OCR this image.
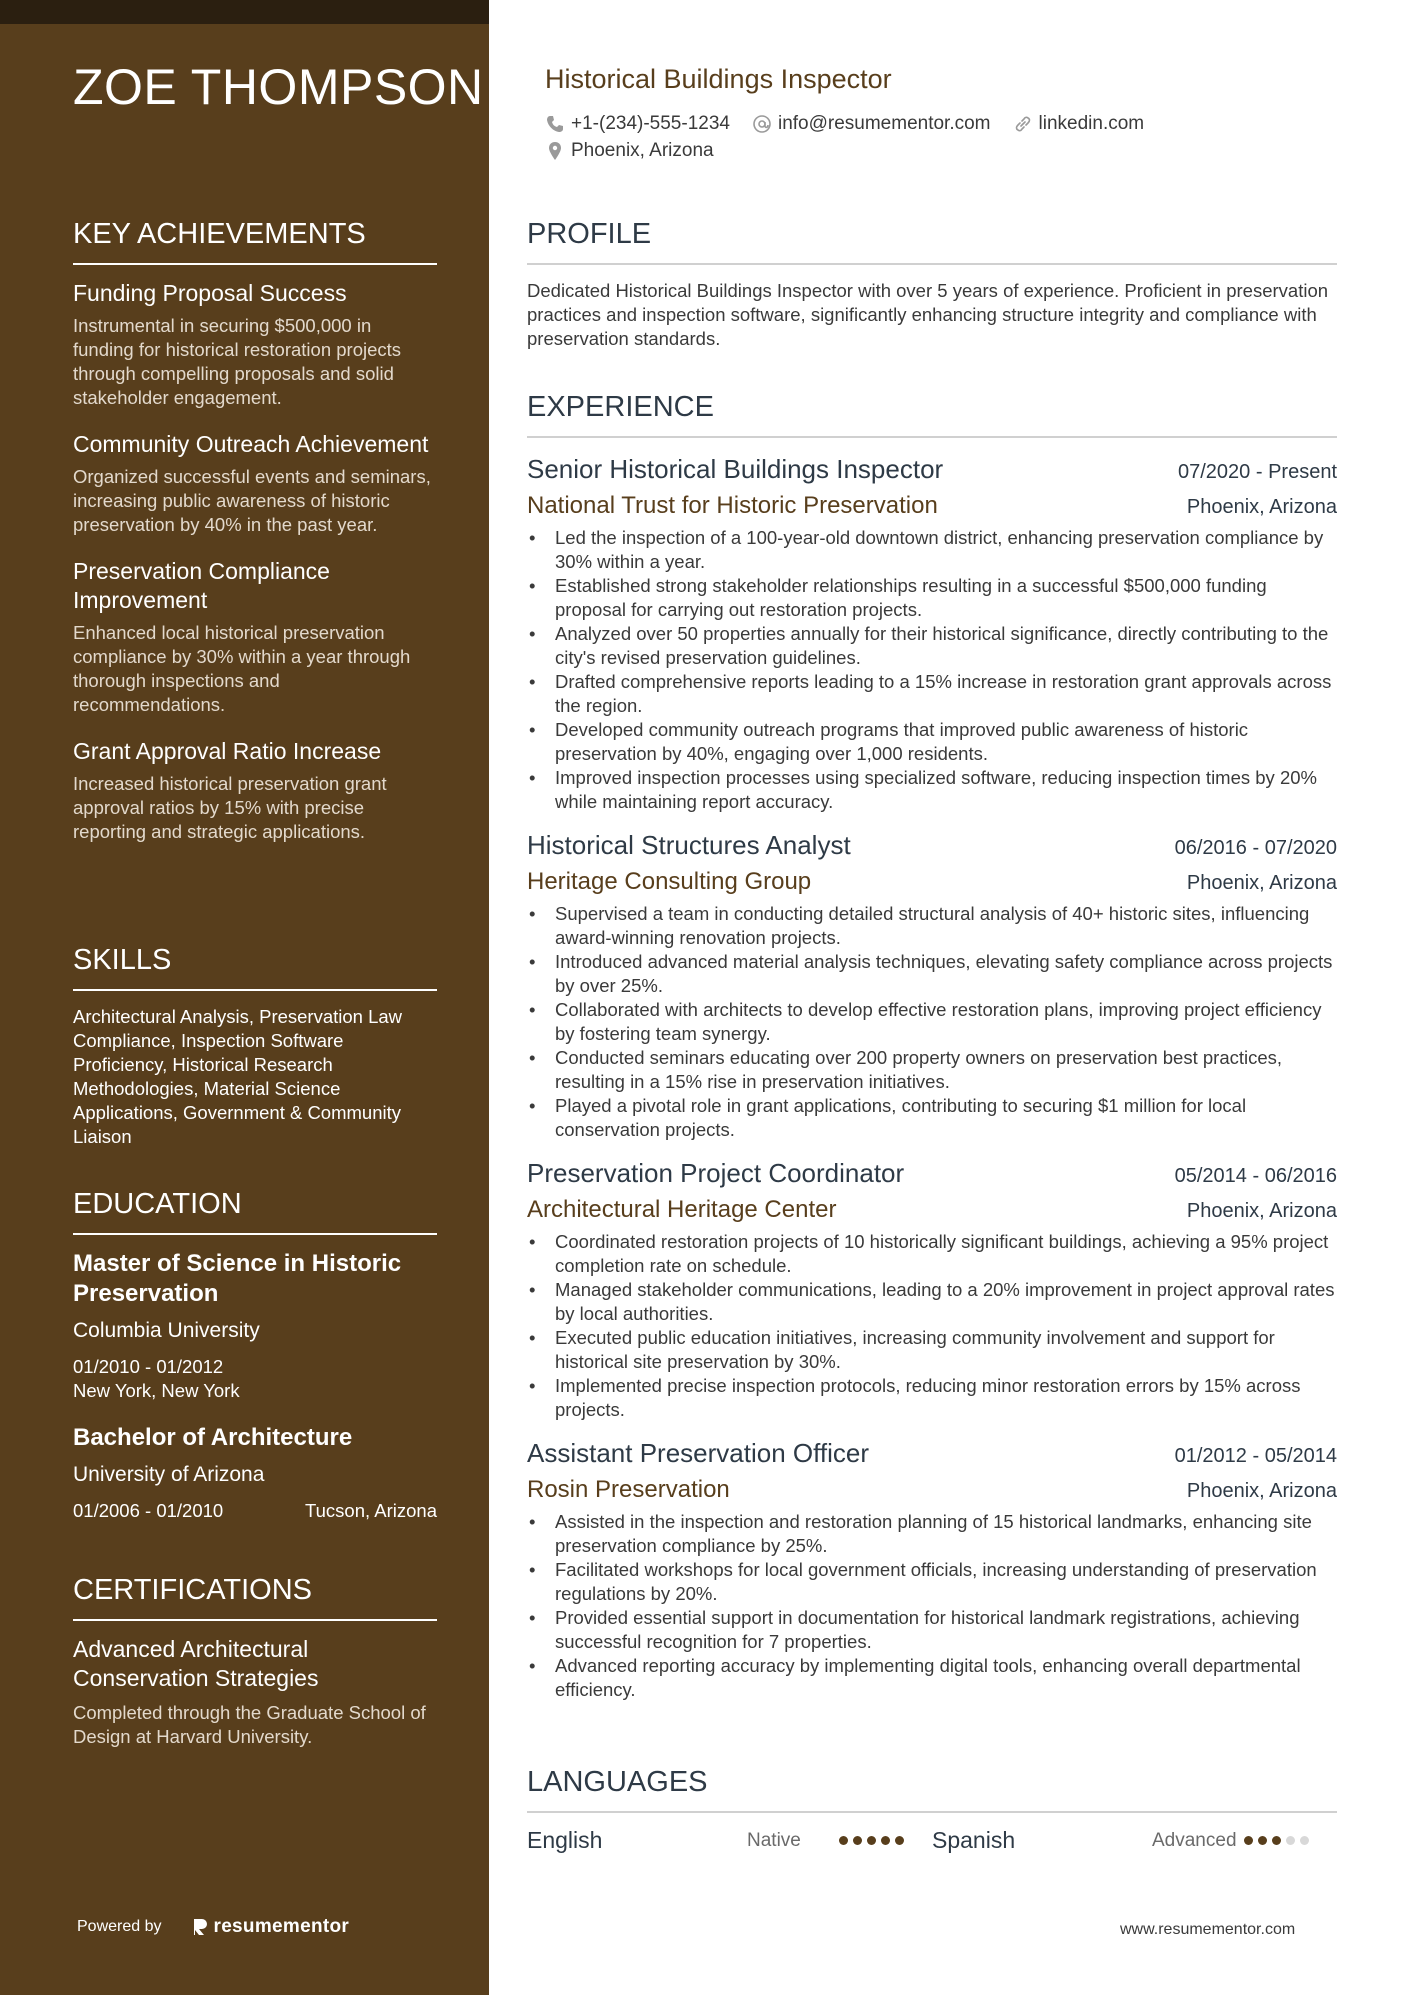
ZOE THOMPSON
KEY ACHIEVEMENTS
Funding Proposal Success
Instrumental in securing $500,000 in funding for historical restoration projects through compelling proposals and solid stakeholder engagement.
Community Outreach Achievement
Organized successful events and seminars, increasing public awareness of historic preservation by 40% in the past year.
Preservation Compliance Improvement
Enhanced local historical preservation compliance by 30% within a year through thorough inspections and recommendations.
Grant Approval Ratio Increase
Increased historical preservation grant approval ratios by 15% with precise reporting and strategic applications.
SKILLS
Architectural Analysis, Preservation Law Compliance, Inspection Software Proficiency, Historical Research Methodologies, Material Science Applications, Government & Community Liaison
EDUCATION
Master of Science in Historic Preservation
Columbia University
01/2010 - 01/2012
New York, New York
Bachelor of Architecture
University of Arizona
01/2006 - 01/2010	Tucson, Arizona
CERTIFICATIONS
Advanced Architectural Conservation Strategies
Completed through the Graduate School of Design at Harvard University.
Powered by	resumementor
Historical Buildings Inspector
+1-(234)-555-1234	info@resumementor.com	linkedin.com
Phoenix, Arizona
PROFILE
Dedicated Historical Buildings Inspector with over 5 years of experience. Proficient in preservation practices and inspection software, significantly enhancing structure integrity and compliance with preservation standards.
EXPERIENCE
Senior Historical Buildings Inspector	07/2020 - Present
National Trust for Historic Preservation	Phoenix, Arizona
• Led the inspection of a 100-year-old downtown district, enhancing preservation compliance by 30% within a year.
• Established strong stakeholder relationships resulting in a successful $500,000 funding proposal for carrying out restoration projects.
• Analyzed over 50 properties annually for their historical significance, directly contributing to the city's revised preservation guidelines.
• Drafted comprehensive reports leading to a 15% increase in restoration grant approvals across the region.
• Developed community outreach programs that improved public awareness of historic preservation by 40%, engaging over 1,000 residents.
• Improved inspection processes using specialized software, reducing inspection times by 20% while maintaining report accuracy.
Historical Structures Analyst	06/2016 - 07/2020
Heritage Consulting Group	Phoenix, Arizona
• Supervised a team in conducting detailed structural analysis of 40+ historic sites, influencing award-winning renovation projects.
• Introduced advanced material analysis techniques, elevating safety compliance across projects by over 25%.
• Collaborated with architects to develop effective restoration plans, improving project efficiency by fostering team synergy.
• Conducted seminars educating over 200 property owners on preservation best practices, resulting in a 15% rise in preservation initiatives.
• Played a pivotal role in grant applications, contributing to securing $1 million for local conservation projects.
Preservation Project Coordinator	05/2014 - 06/2016
Architectural Heritage Center	Phoenix, Arizona
• Coordinated restoration projects of 10 historically significant buildings, achieving a 95% project completion rate on schedule.
• Managed stakeholder communications, leading to a 20% improvement in project approval rates by local authorities.
• Executed public education initiatives, increasing community involvement and support for historical site preservation by 30%.
• Implemented precise inspection protocols, reducing minor restoration errors by 15% across projects.
Assistant Preservation Officer	01/2012 - 05/2014
Rosin Preservation	Phoenix, Arizona
• Assisted in the inspection and restoration planning of 15 historical landmarks, enhancing site preservation compliance by 25%.
• Facilitated workshops for local government officials, increasing understanding of preservation regulations by 20%.
• Provided essential support in documentation for historical landmark registrations, achieving successful recognition for 7 properties.
• Advanced reporting accuracy by implementing digital tools, enhancing overall departmental efficiency.
LANGUAGES
English	Native	Spanish	Advanced
www.resumementor.com
